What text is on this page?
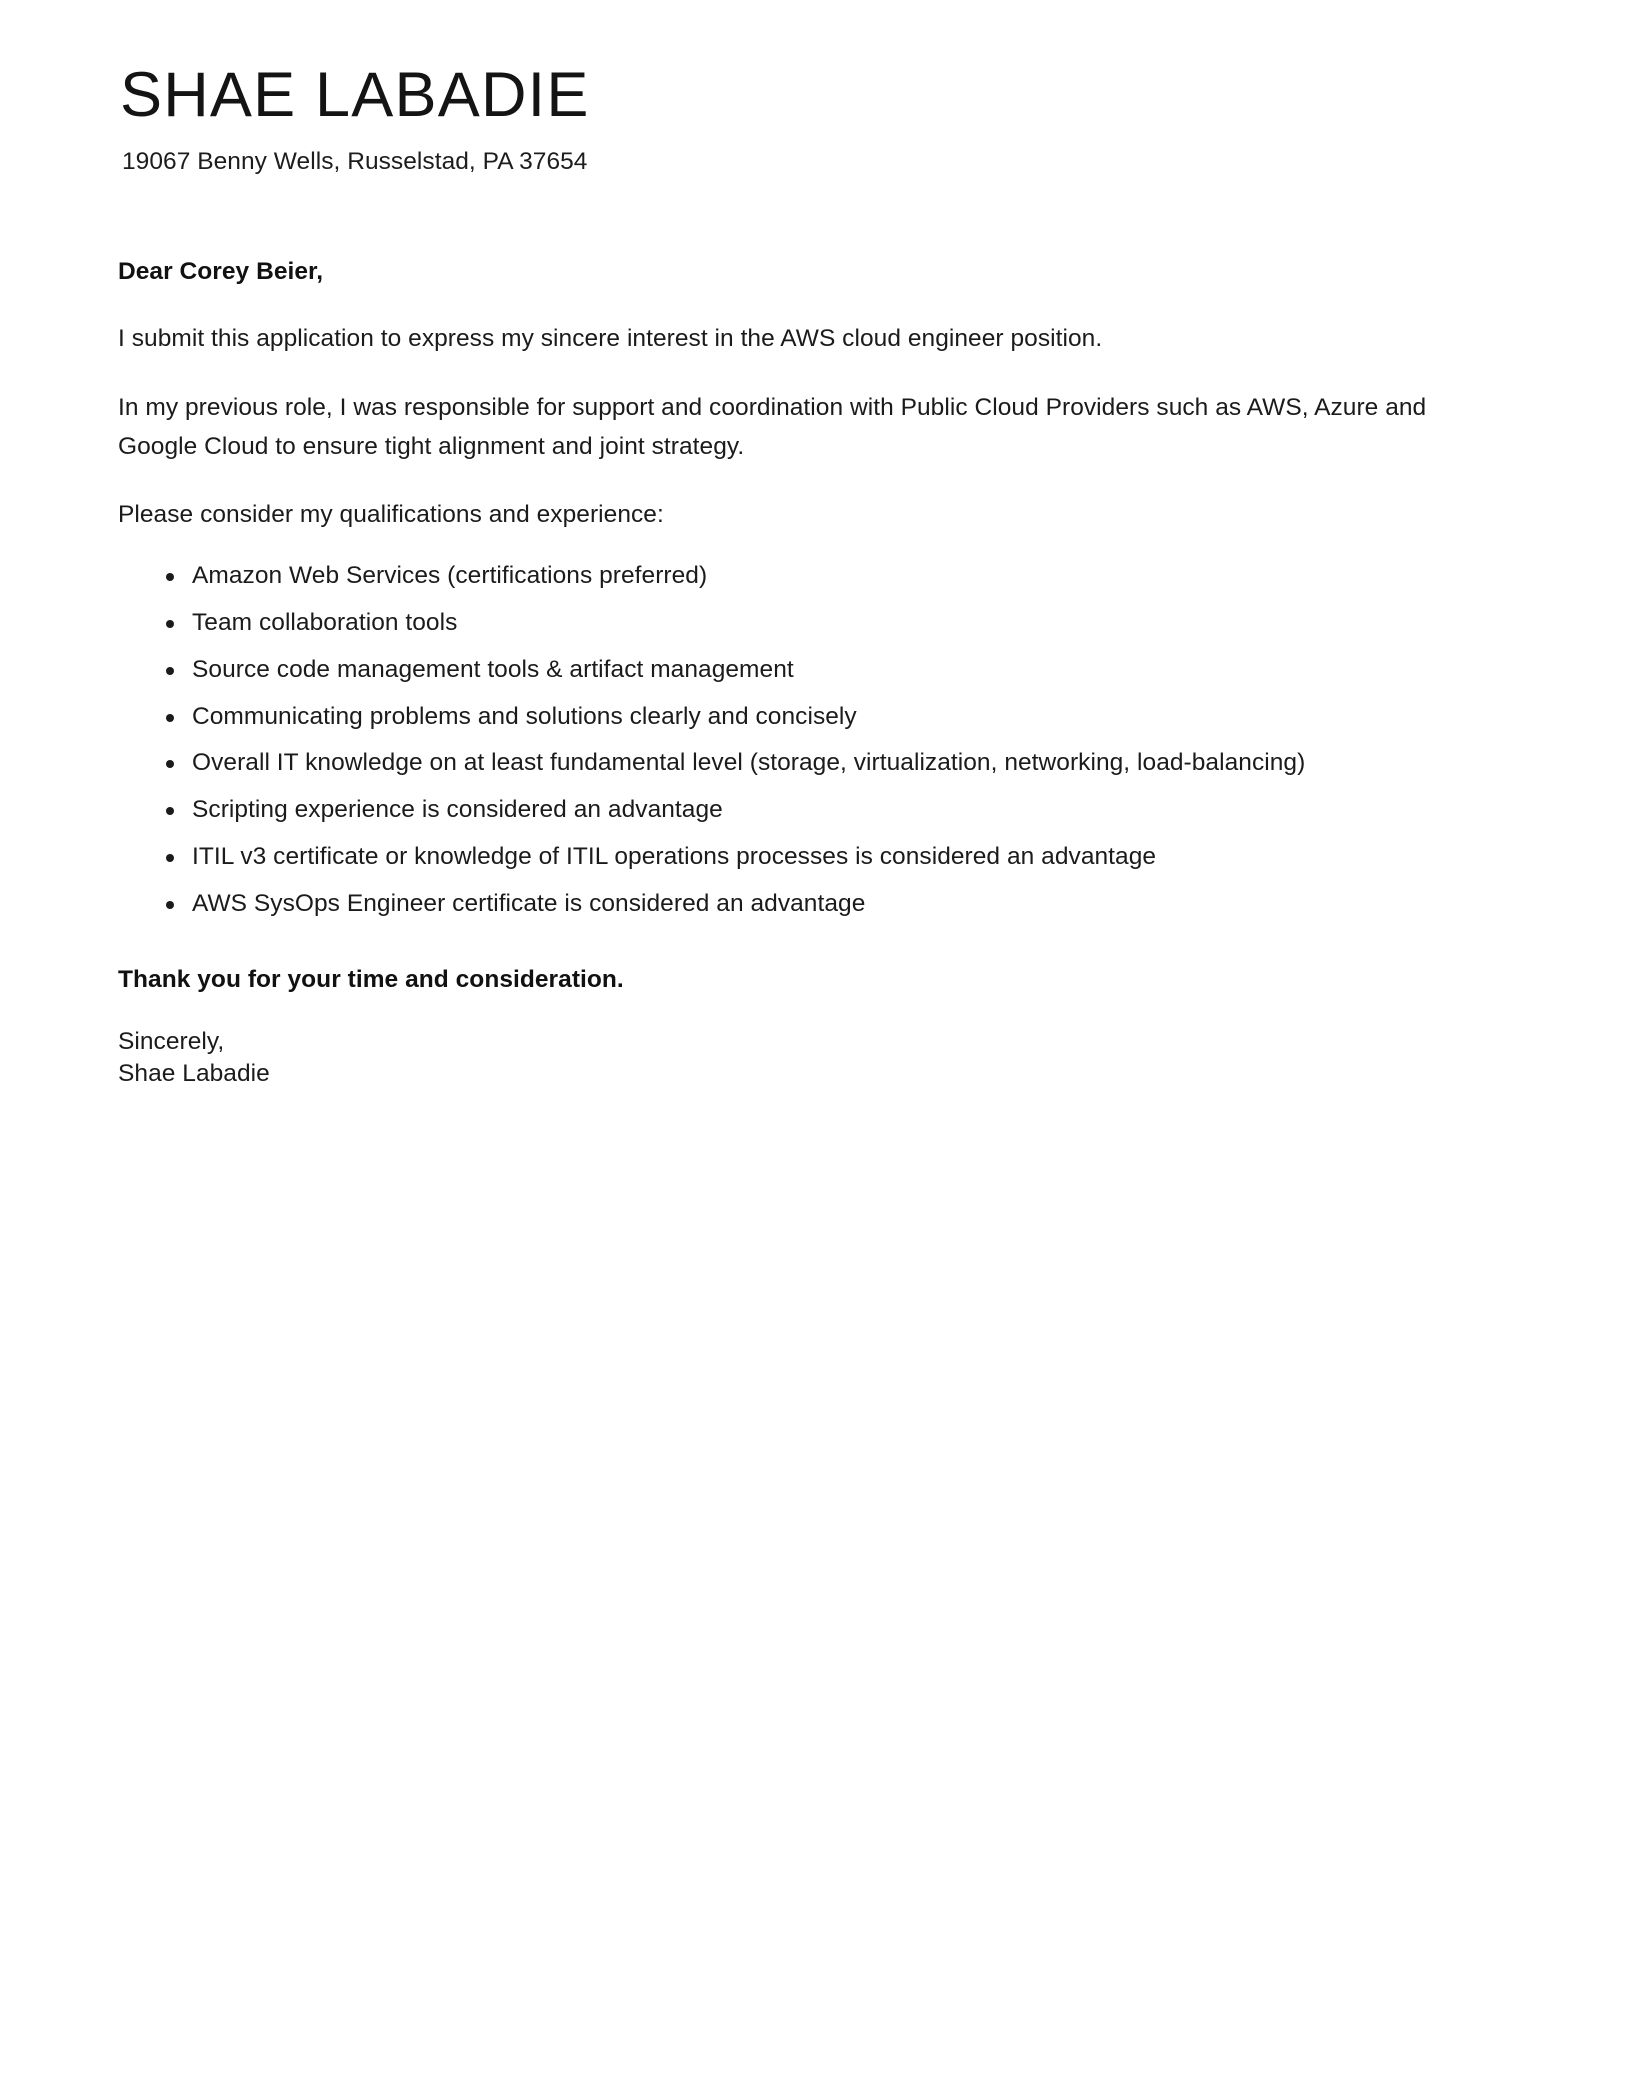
SHAE LABADIE
19067 Benny Wells, Russelstad, PA 37654

Dear Corey Beier,

I submit this application to express my sincere interest in the AWS cloud engineer position.

In my previous role, I was responsible for support and coordination with Public Cloud Providers such as AWS, Azure and Google Cloud to ensure tight alignment and joint strategy.

Please consider my qualifications and experience:

Amazon Web Services (certifications preferred)
Team collaboration tools
Source code management tools & artifact management
Communicating problems and solutions clearly and concisely
Overall IT knowledge on at least fundamental level (storage, virtualization, networking, load-balancing)
Scripting experience is considered an advantage
ITIL v3 certificate or knowledge of ITIL operations processes is considered an advantage
AWS SysOps Engineer certificate is considered an advantage

Thank you for your time and consideration.

Sincerely,
Shae Labadie
